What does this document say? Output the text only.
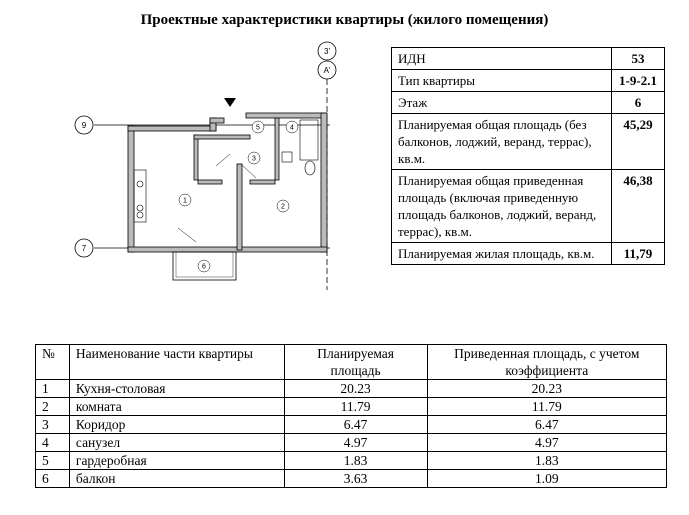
Проектные характеристики квартиры (жилого помещения)
3'
A'
9
7
1
2
3
4
5
6
ИДН	53
Тип квартиры	1-9-2.1
Этаж	6
Планируемая общая площадь (без балконов, лоджий, веранд, террас), кв.м.	45,29
Планируемая общая приведенная площадь (включая приведенную площадь балконов, лоджий, веранд, террас), кв.м.	46,38
Планируемая жилая площадь, кв.м.	11,79
№	Наименование части квартиры	Планируемая площадь	Приведенная площадь, с учетом коэффициента
1	Кухня-столовая	20.23	20.23
2	комната	11.79	11.79
3	Коридор	6.47	6.47
4	санузел	4.97	4.97
5	гардеробная	1.83	1.83
6	балкон	3.63	1.09
